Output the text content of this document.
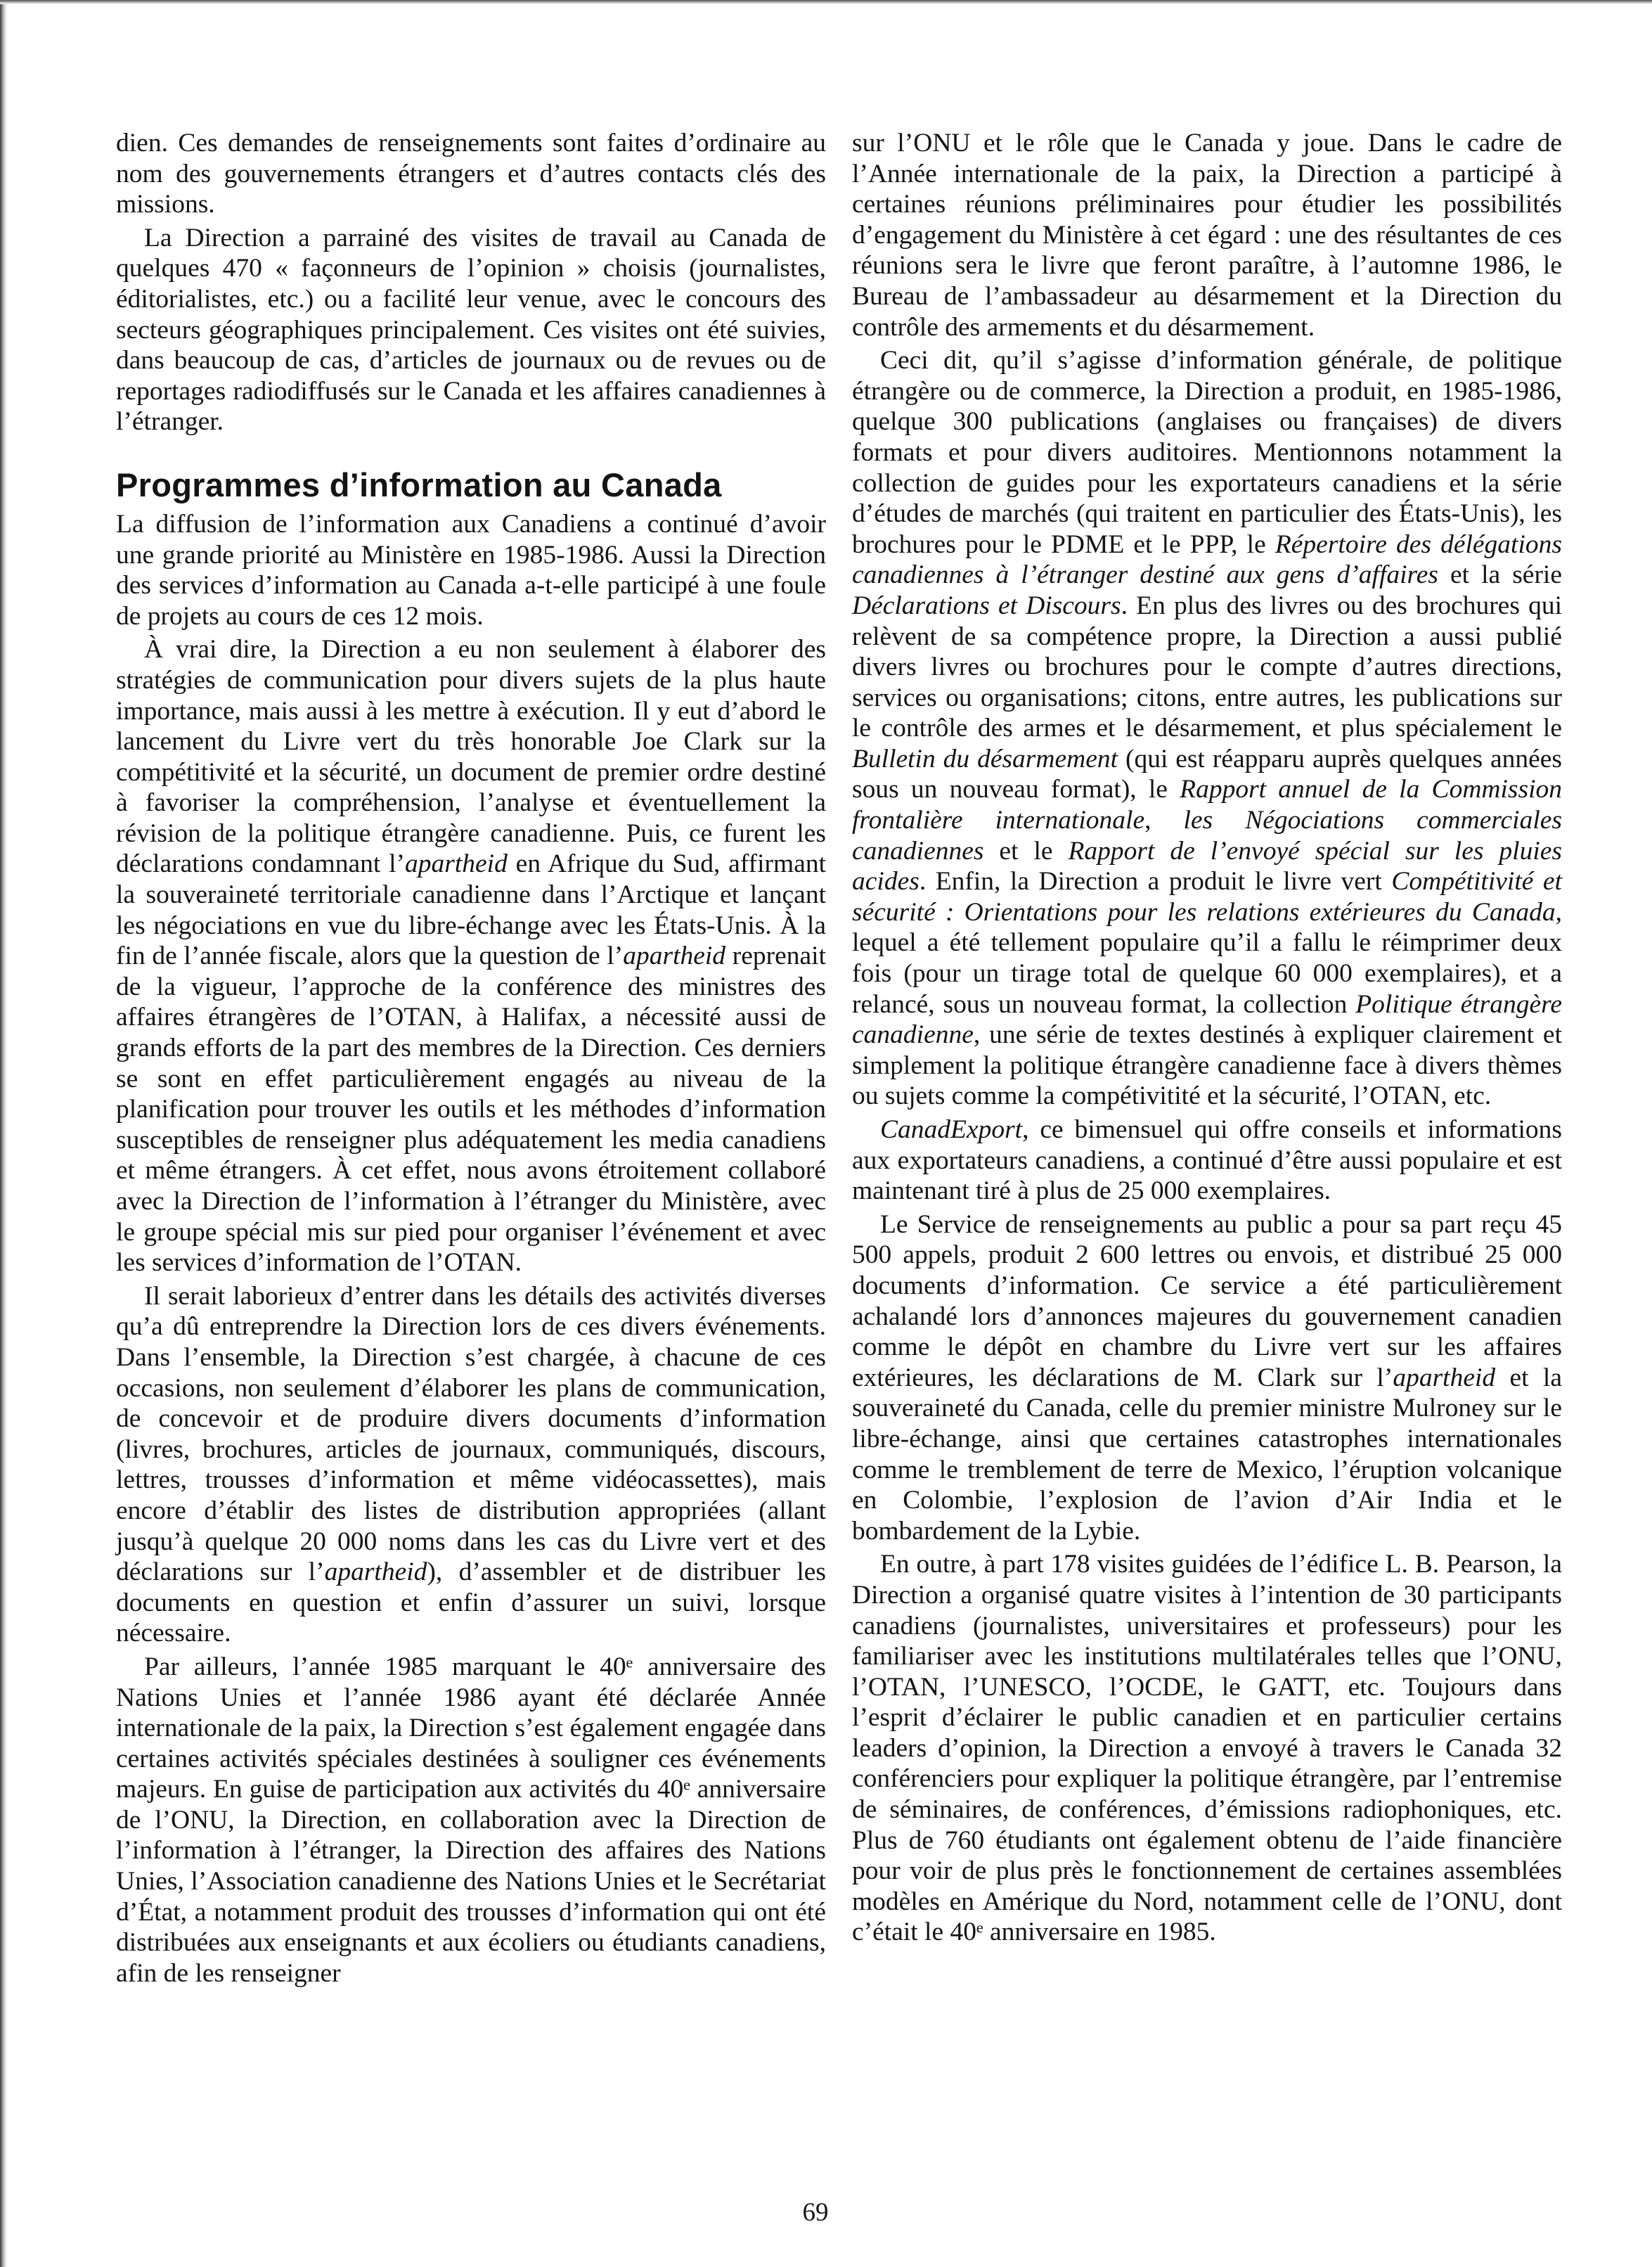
dien. Ces demandes de renseignements sont faites d’ordinaire au nom des gouvernements étrangers et d’autres contacts clés des missions.

La Direction a parrainé des visites de travail au Canada de quelques 470 « façonneurs de l’opinion » choisis (journalistes, éditorialistes, etc.) ou a facilité leur venue, avec le concours des secteurs géographiques principalement. Ces visites ont été suivies, dans beaucoup de cas, d’articles de journaux ou de revues ou de reportages radiodiffusés sur le Canada et les affaires canadiennes à l’étranger.

Programmes d’information au Canada

La diffusion de l’information aux Canadiens a continué d’avoir une grande priorité au Ministère en 1985-1986. Aussi la Direction des services d’information au Canada a-t-elle participé à une foule de projets au cours de ces 12 mois.

À vrai dire, la Direction a eu non seulement à élaborer des stratégies de communication pour divers sujets de la plus haute importance, mais aussi à les mettre à exécution. Il y eut d’abord le lancement du Livre vert du très honorable Joe Clark sur la compétitivité et la sécurité, un document de premier ordre destiné à favoriser la compréhension, l’analyse et éventuellement la révision de la politique étrangère canadienne. Puis, ce furent les déclarations condamnant l’apartheid en Afrique du Sud, affirmant la souveraineté territoriale canadienne dans l’Arctique et lançant les négociations en vue du libre-échange avec les États-Unis. À la fin de l’année fiscale, alors que la question de l’apartheid reprenait de la vigueur, l’approche de la conférence des ministres des affaires étrangères de l’OTAN, à Halifax, a nécessité aussi de grands efforts de la part des membres de la Direction. Ces derniers se sont en effet particulièrement engagés au niveau de la planification pour trouver les outils et les méthodes d’information susceptibles de renseigner plus adéquatement les media canadiens et même étrangers. À cet effet, nous avons étroitement collaboré avec la Direction de l’information à l’étranger du Ministère, avec le groupe spécial mis sur pied pour organiser l’événement et avec les services d’information de l’OTAN.

Il serait laborieux d’entrer dans les détails des activités diverses qu’a dû entreprendre la Direction lors de ces divers événements. Dans l’ensemble, la Direction s’est chargée, à chacune de ces occasions, non seulement d’élaborer les plans de communication, de concevoir et de produire divers documents d’information (livres, brochures, articles de journaux, communiqués, discours, lettres, trousses d’information et même vidéocassettes), mais encore d’établir des listes de distribution appropriées (allant jusqu’à quelque 20 000 noms dans les cas du Livre vert et des déclarations sur l’apartheid), d’assembler et de distribuer les documents en question et enfin d’assurer un suivi, lorsque nécessaire.

Par ailleurs, l’année 1985 marquant le 40ᵉ anniversaire des Nations Unies et l’année 1986 ayant été déclarée Année internationale de la paix, la Direction s’est également engagée dans certaines activités spéciales destinées à souligner ces événements majeurs. En guise de participation aux activités du 40ᵉ anniversaire de l’ONU, la Direction, en collaboration avec la Direction de l’information à l’étranger, la Direction des affaires des Nations Unies, l’Association canadienne des Nations Unies et le Secrétariat d’État, a notamment produit des trousses d’information qui ont été distribuées aux enseignants et aux écoliers ou étudiants canadiens, afin de les renseigner

sur l’ONU et le rôle que le Canada y joue. Dans le cadre de l’Année internationale de la paix, la Direction a participé à certaines réunions préliminaires pour étudier les possibilités d’engagement du Ministère à cet égard : une des résultantes de ces réunions sera le livre que feront paraître, à l’automne 1986, le Bureau de l’ambassadeur au désarmement et la Direction du contrôle des armements et du désarmement.

Ceci dit, qu’il s’agisse d’information générale, de politique étrangère ou de commerce, la Direction a produit, en 1985-1986, quelque 300 publications (anglaises ou françaises) de divers formats et pour divers auditoires. Mentionnons notamment la collection de guides pour les exportateurs canadiens et la série d’études de marchés (qui traitent en particulier des États-Unis), les brochures pour le PDME et le PPP, le Répertoire des délégations canadiennes à l’étranger destiné aux gens d’affaires et la série Déclarations et Discours. En plus des livres ou des brochures qui relèvent de sa compétence propre, la Direction a aussi publié divers livres ou brochures pour le compte d’autres directions, services ou organisations; citons, entre autres, les publications sur le contrôle des armes et le désarmement, et plus spécialement le Bulletin du désarmement (qui est réapparu auprès quelques années sous un nouveau format), le Rapport annuel de la Commission frontalière internationale, les Négociations commerciales canadiennes et le Rapport de l’envoyé spécial sur les pluies acides. Enfin, la Direction a produit le livre vert Compétitivité et sécurité : Orientations pour les relations extérieures du Canada, lequel a été tellement populaire qu’il a fallu le réimprimer deux fois (pour un tirage total de quelque 60 000 exemplaires), et a relancé, sous un nouveau format, la collection Politique étrangère canadienne, une série de textes destinés à expliquer clairement et simplement la politique étrangère canadienne face à divers thèmes ou sujets comme la compétivitité et la sécurité, l’OTAN, etc.

CanadExport, ce bimensuel qui offre conseils et informations aux exportateurs canadiens, a continué d’être aussi populaire et est maintenant tiré à plus de 25 000 exemplaires.

Le Service de renseignements au public a pour sa part reçu 45 500 appels, produit 2 600 lettres ou envois, et distribué 25 000 documents d’information. Ce service a été particulièrement achalandé lors d’annonces majeures du gouvernement canadien comme le dépôt en chambre du Livre vert sur les affaires extérieures, les déclarations de M. Clark sur l’apartheid et la souveraineté du Canada, celle du premier ministre Mulroney sur le libre-échange, ainsi que certaines catastrophes internationales comme le tremblement de terre de Mexico, l’éruption volcanique en Colombie, l’explosion de l’avion d’Air India et le bombardement de la Lybie.

En outre, à part 178 visites guidées de l’édifice L. B. Pearson, la Direction a organisé quatre visites à l’intention de 30 participants canadiens (journalistes, universitaires et professeurs) pour les familiariser avec les institutions multilatérales telles que l’ONU, l’OTAN, l’UNESCO, l’OCDE, le GATT, etc. Toujours dans l’esprit d’éclairer le public canadien et en particulier certains leaders d’opinion, la Direction a envoyé à travers le Canada 32 conférenciers pour expliquer la politique étrangère, par l’entremise de séminaires, de conférences, d’émissions radiophoniques, etc. Plus de 760 étudiants ont également obtenu de l’aide financière pour voir de plus près le fonctionnement de certaines assemblées modèles en Amérique du Nord, notamment celle de l’ONU, dont c’était le 40ᵉ anniversaire en 1985.

69
